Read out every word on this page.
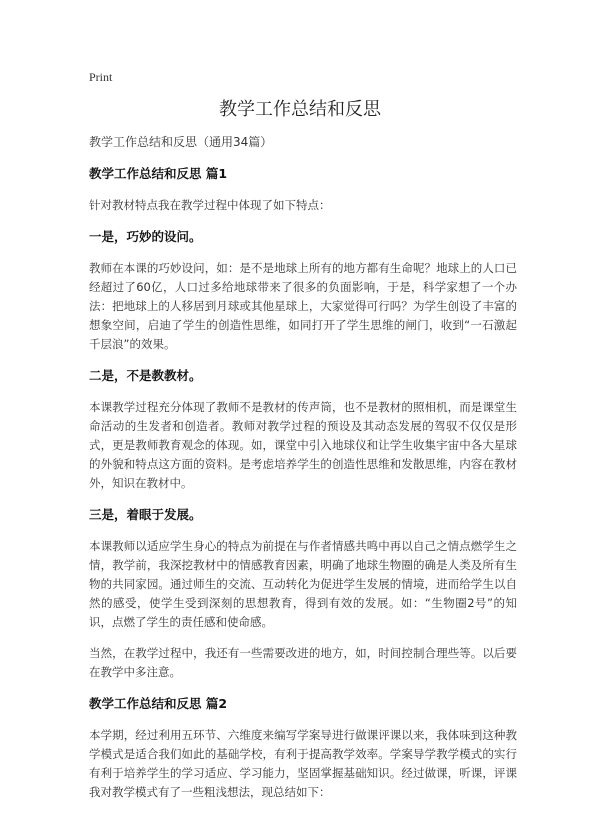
Print
教学工作总结和反思

教学工作总结和反思（通用34篇）

教学工作总结和反思 篇1

针对教材特点我在教学过程中体现了如下特点：

一是，巧妙的设问。

教师在本课的巧妙设问，如：是不是地球上所有的地方都有生命呢？地球上的人口已经超过了60亿，人口过多给地球带来了很多的负面影响，于是，科学家想了一个办法：把地球上的人移居到月球或其他星球上，大家觉得可行吗？为学生创设了丰富的想象空间，启迪了学生的创造性思维，如同打开了学生思维的闸门，收到“一石激起千层浪”的效果。

二是，不是教教材。

本课教学过程充分体现了教师不是教材的传声筒，也不是教材的照相机，而是课堂生命活动的生发者和创造者。教师对教学过程的预设及其动态发展的驾驭不仅仅是形式，更是教师教育观念的体现。如，课堂中引入地球仪和让学生收集宇宙中各大星球的外貌和特点这方面的资料。是考虑培养学生的创造性思维和发散思维，内容在教材外，知识在教材中。

三是，着眼于发展。

本课教师以适应学生身心的特点为前提在与作者情感共鸣中再以自己之情点燃学生之情，教学前，我深挖教材中的情感教育因素，明确了地球生物圈的确是人类及所有生物的共同家园。通过师生的交流、互动转化为促进学生发展的情境，进而给学生以自然的感受，使学生受到深刻的思想教育，得到有效的发展。如：“生物圈2号”的知识，点燃了学生的责任感和使命感。

当然，在教学过程中，我还有一些需要改进的地方，如，时间控制合理些等。以后要在教学中多注意。

教学工作总结和反思 篇2

本学期，经过利用五环节、六维度来编写学案导进行做课评课以来，我体味到这种教学模式是适合我们如此的基础学校，有利于提高教学效率。学案导学教学模式的实行有利于培养学生的学习适应、学习能力，坚固掌握基础知识。经过做课，听课，评课我对教学模式有了一些粗浅想法，现总结如下：
